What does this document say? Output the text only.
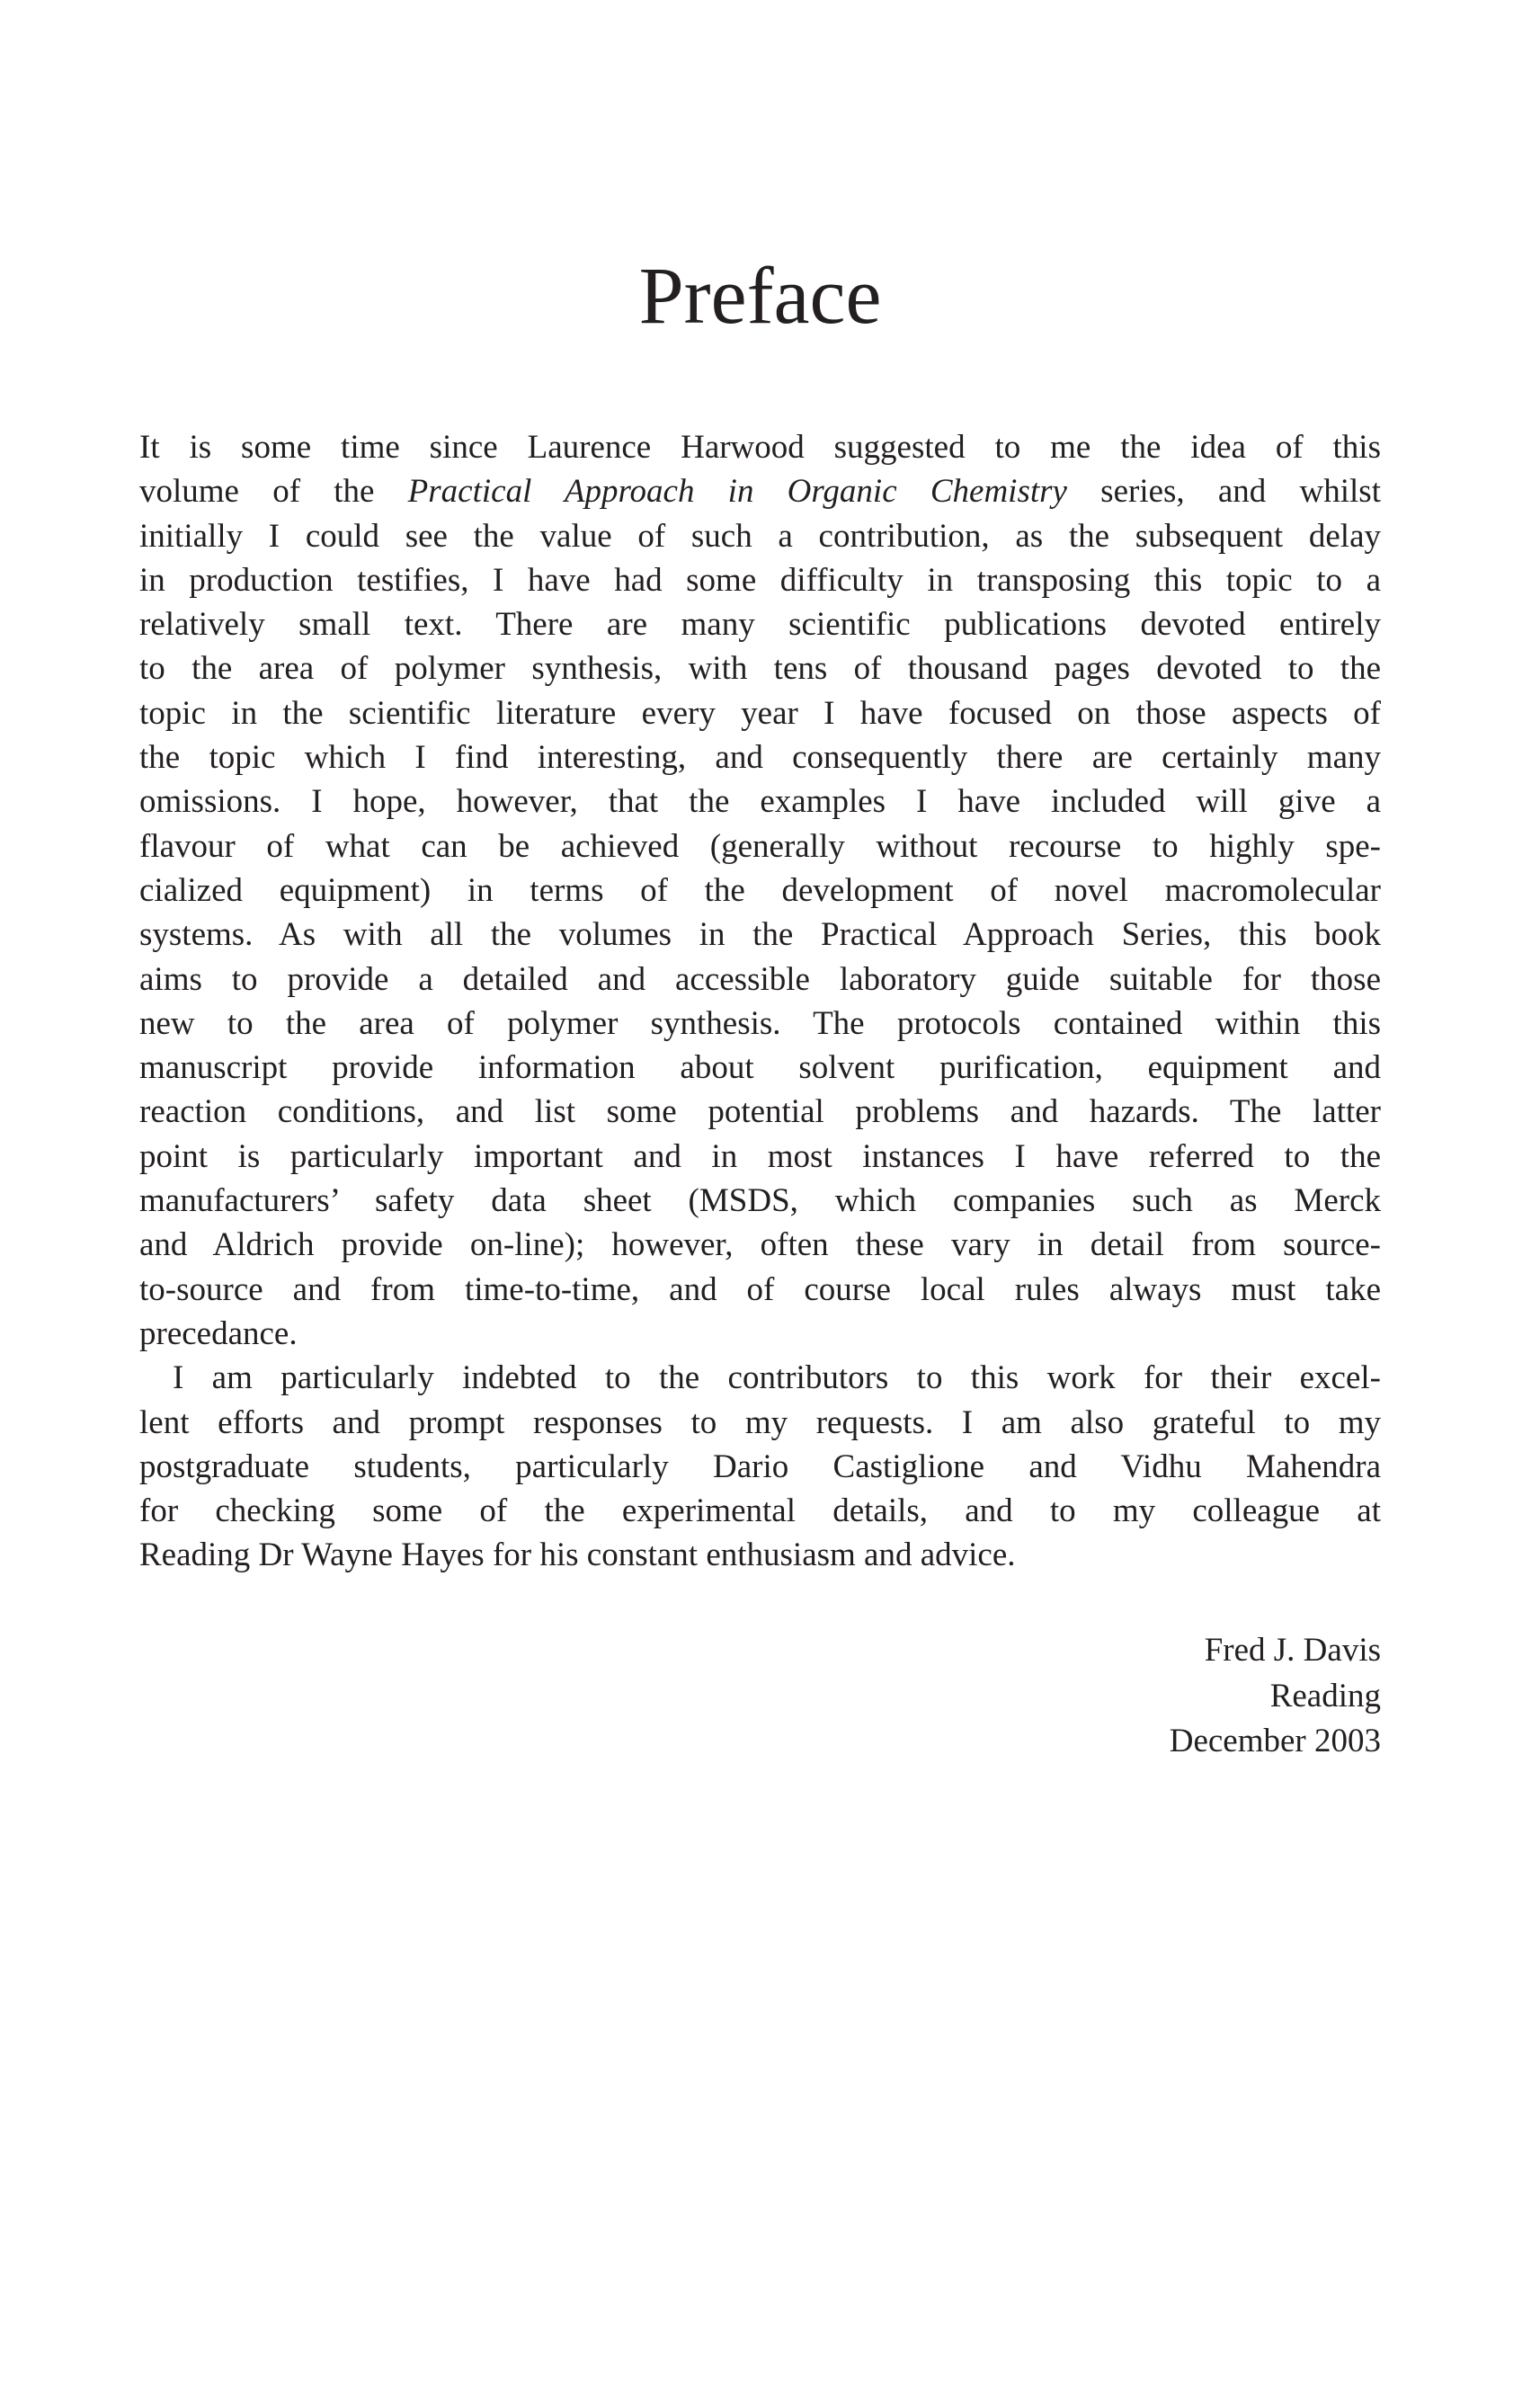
Preface
It is some time since Laurence Harwood suggested to me the idea of this
volume of the Practical Approach in Organic Chemistry series, and whilst
initially I could see the value of such a contribution, as the subsequent delay
in production testifies, I have had some difficulty in transposing this topic to a
relatively small text. There are many scientific publications devoted entirely
to the area of polymer synthesis, with tens of thousand pages devoted to the
topic in the scientific literature every year I have focused on those aspects of
the topic which I find interesting, and consequently there are certainly many
omissions. I hope, however, that the examples I have included will give a
flavour of what can be achieved (generally without recourse to highly spe-
cialized equipment) in terms of the development of novel macromolecular
systems. As with all the volumes in the Practical Approach Series, this book
aims to provide a detailed and accessible laboratory guide suitable for those
new to the area of polymer synthesis. The protocols contained within this
manuscript provide information about solvent purification, equipment and
reaction conditions, and list some potential problems and hazards. The latter
point is particularly important and in most instances I have referred to the
manufacturers’ safety data sheet (MSDS, which companies such as Merck
and Aldrich provide on-line); however, often these vary in detail from source-
to-source and from time-to-time, and of course local rules always must take
precedance.
I am particularly indebted to the contributors to this work for their excel-
lent efforts and prompt responses to my requests. I am also grateful to my
postgraduate students, particularly Dario Castiglione and Vidhu Mahendra
for checking some of the experimental details, and to my colleague at
Reading Dr Wayne Hayes for his constant enthusiasm and advice.
Fred J. Davis
Reading
December 2003
